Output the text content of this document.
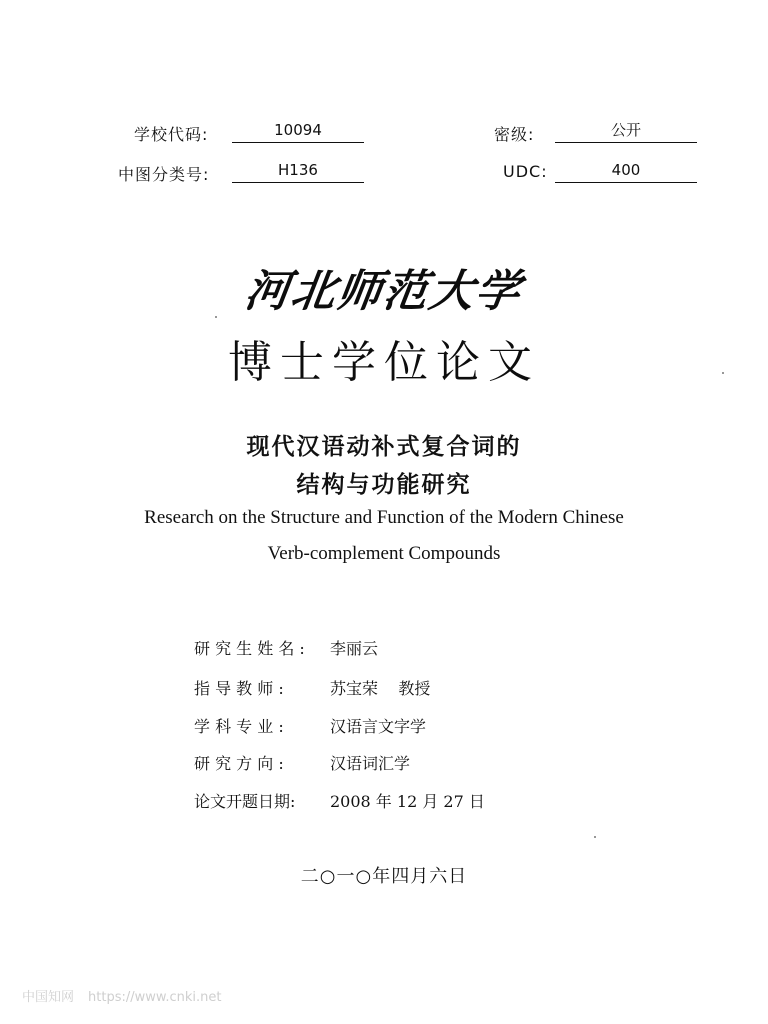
学校代码:	10094	密级:	公开
中图分类号:	H136	UDC:	400
河北师范大学
博士学位论文
现代汉语动补式复合词的
结构与功能研究
Research on the Structure and Function of the Modern Chinese
Verb-complement Compounds
研 究 生 姓 名 : 李丽云
指 导 教 师 :	苏宝荣    教授
学 科 专 业 :	汉语言文字学
研 究 方 向 :	汉语词汇学
论文开题日期: 2008 年 12 月 27 日
二○一○年四月六日
中国知网 https://www.cnki.net
